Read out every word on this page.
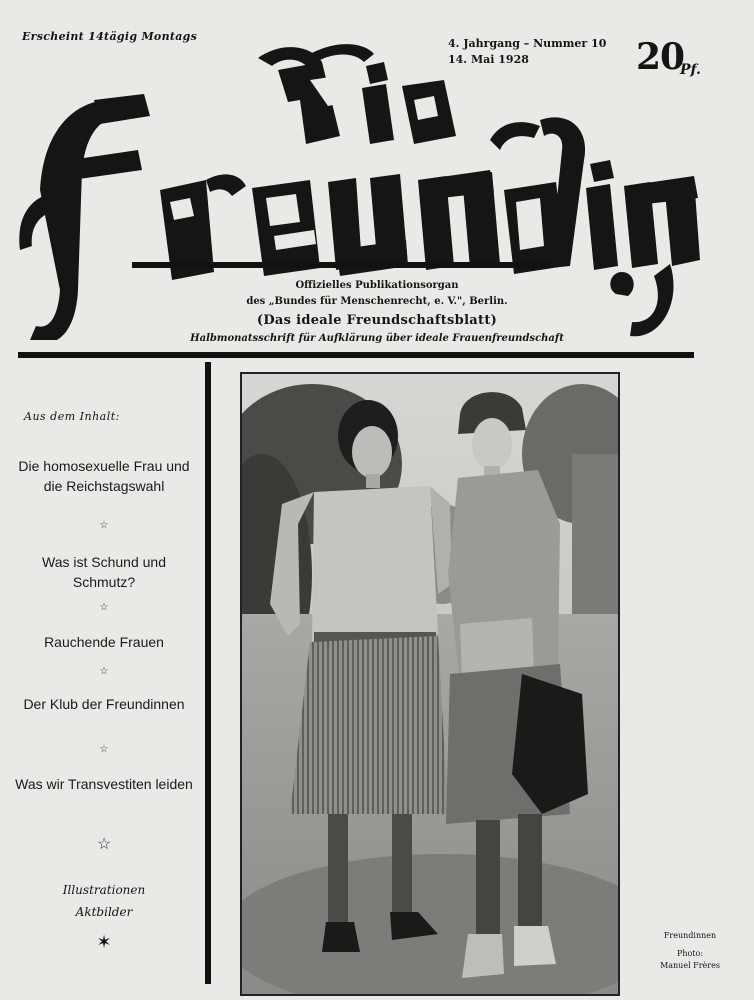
Erscheint 14tägig Montags
4. Jahrgang – Nummer 10
14. Mai 1928	20
Pf.
Offizielles Publikationsorgan
des „Bundes für Menschenrecht, e. V.", Berlin.
(Das ideale Freundschaftsblatt)
Halbmonatsschrift für Aufklärung über ideale Frauenfreundschaft
Aus dem Inhalt:
Die homosexuelle Frau und die Reichstagswahl
☆
Was ist Schund und Schmutz?
☆
Rauchende Frauen
☆
Der Klub der Freundinnen
☆
Was wir Transvestiten leiden
☆
Illustrationen
Aktbilder
✶	Freundinnen
Photo:
Manuel Frères
